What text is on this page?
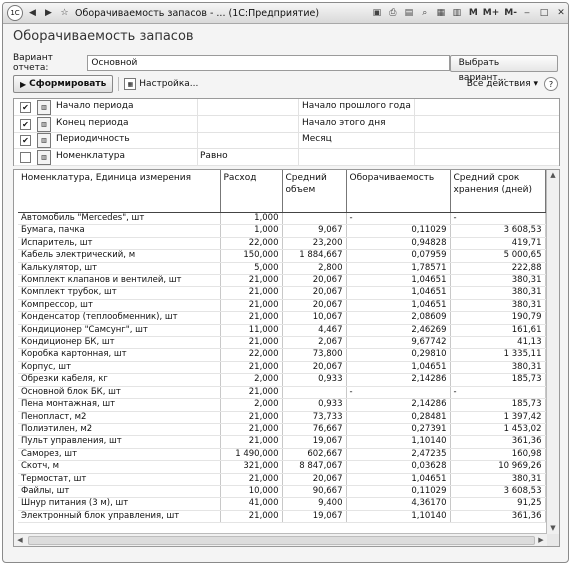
1С	◀	▶ ☆ Оборачиваемость запасов - ... (1С:Предприятие)	▣ ⎙ ▤	⌕	▦ ▥ M M+ M- ‒	□ ✕
Оборачиваемость запасов
Вариант отчета:	Основной	Выбрать вариант...
▶ Сформировать	▦ Настройка...	Все действия ▾	?
✔	▥	Начало периода	Начало прошлого года
✔	▥	Конец периода	Начало этого дня
✔	▥	Периодичность	Месяц
▥	Номенклатура	Равно
Номенклатура, Единица измерения	Расход	Средний объем	Оборачиваемость	Средний срок хранения (дней)
Автомобиль "Mercedes", шт	1,000		-	-
Бумага, пачка	1,000	9,067	0,11029	3 608,53
Испаритель, шт	22,000	23,200	0,94828	419,71
Кабель электрический, м	150,000	1 884,667	0,07959	5 000,65
Калькулятор, шт	5,000	2,800	1,78571	222,88
Комплект клапанов и вентилей, шт	21,000	20,067	1,04651	380,31
Комплект трубок, шт	21,000	20,067	1,04651	380,31
Компрессор, шт	21,000	20,067	1,04651	380,31
Конденсатор (теплообменник), шт	21,000	10,067	2,08609	190,79
Кондиционер "Самсунг", шт	11,000	4,467	2,46269	161,61
Кондиционер БК, шт	21,000	2,067	9,67742	41,13
Коробка картонная, шт	22,000	73,800	0,29810	1 335,11
Корпус, шт	21,000	20,067	1,04651	380,31
Обрезки кабеля, кг	2,000	0,933	2,14286	185,73
Основной блок БК, шт	21,000		-	-
Пена монтажная, шт	2,000	0,933	2,14286	185,73
Пенопласт, м2	21,000	73,733	0,28481	1 397,42
Полиэтилен, м2	21,000	76,667	0,27391	1 453,02
Пульт управления, шт	21,000	19,067	1,10140	361,36
Саморез, шт	1 490,000	602,667	2,47235	160,98
Скотч, м	321,000	8 847,067	0,03628	10 969,26
Термостат, шт	21,000	20,067	1,04651	380,31
Файлы, шт	10,000	90,667	0,11029	3 608,53
Шнур питания (3 м), шт	41,000	9,400	4,36170	91,25
Электронный блок управления, шт	21,000	19,067	1,10140	361,36
▲
▼
◀	▶
